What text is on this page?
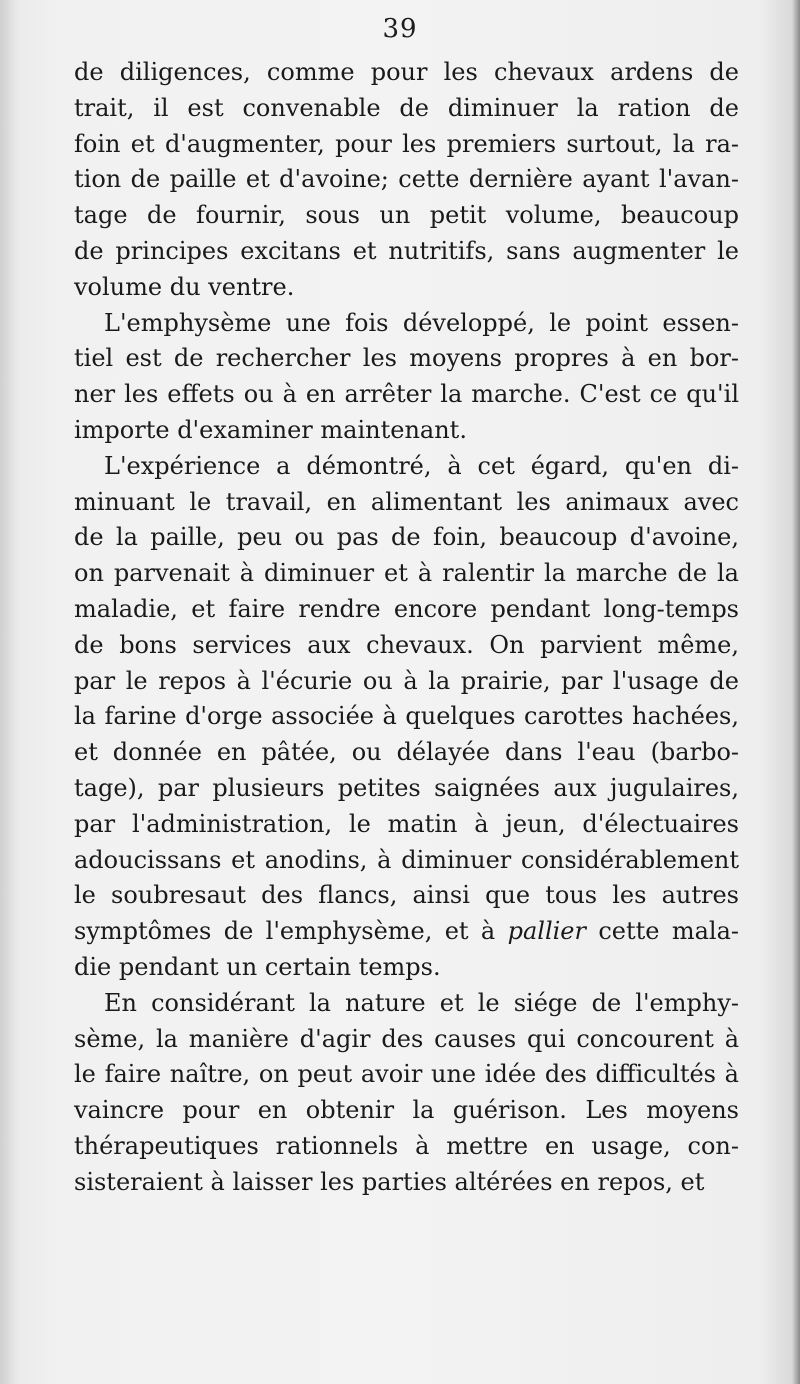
39
de diligences, comme pour les chevaux ardens de
trait, il est convenable de diminuer la ration de
foin et d'augmenter, pour les premiers surtout, la ra-
tion de paille et d'avoine; cette dernière ayant l'avan-
tage de fournir, sous un petit volume, beaucoup
de principes excitans et nutritifs, sans augmenter le
volume du ventre.
L'emphysème une fois développé, le point essen-
tiel est de rechercher les moyens propres à en bor-
ner les effets ou à en arrêter la marche. C'est ce qu'il
importe d'examiner maintenant.
L'expérience a démontré, à cet égard, qu'en di-
minuant le travail, en alimentant les animaux avec
de la paille, peu ou pas de foin, beaucoup d'avoine,
on parvenait à diminuer et à ralentir la marche de la
maladie, et faire rendre encore pendant long-temps
de bons services aux chevaux. On parvient même,
par le repos à l'écurie ou à la prairie, par l'usage de
la farine d'orge associée à quelques carottes hachées,
et donnée en pâtée, ou délayée dans l'eau (barbo-
tage), par plusieurs petites saignées aux jugulaires,
par l'administration, le matin à jeun, d'électuaires
adoucissans et anodins, à diminuer considérablement
le soubresaut des flancs, ainsi que tous les autres
symptômes de l'emphysème, et à pallier cette mala-
die pendant un certain temps.
En considérant la nature et le siége de l'emphy-
sème, la manière d'agir des causes qui concourent à
le faire naître, on peut avoir une idée des difficultés à
vaincre pour en obtenir la guérison. Les moyens
thérapeutiques rationnels à mettre en usage, con-
sisteraient à laisser les parties altérées en repos, et
